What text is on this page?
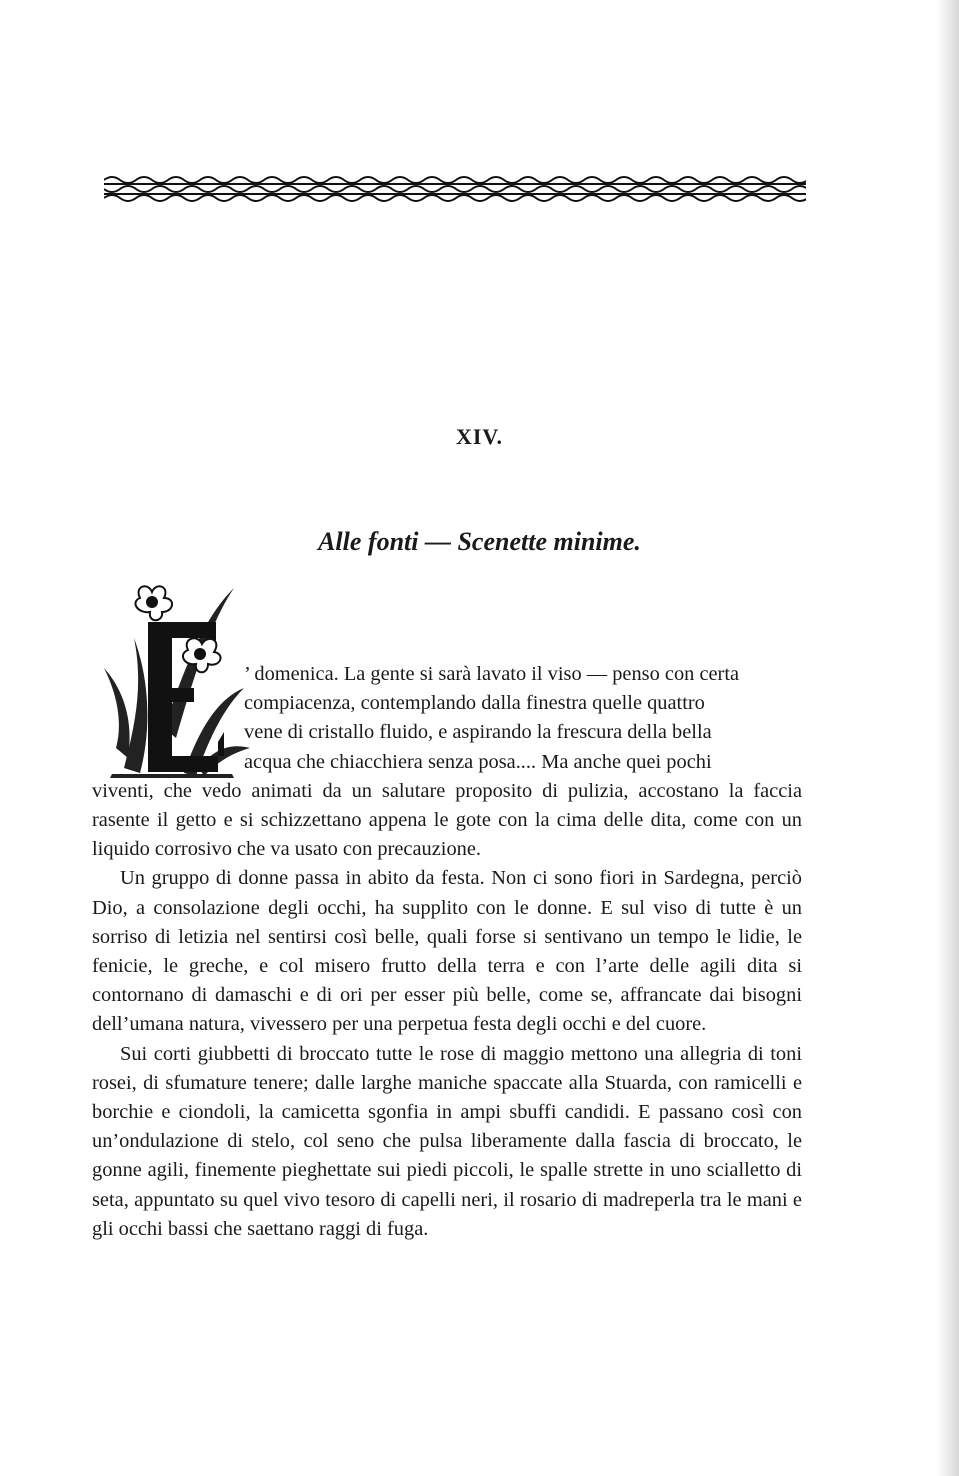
XIV.
Alle fonti — Scenette minime.

’ domenica. La gente si sarà lavato il viso — penso con certa
compiacenza, contemplando dalla finestra quelle quattro
vene di cristallo fluido, e aspirando la frescura della bella
acqua che chiacchiera senza posa.... Ma anche quei pochi
viventi, che vedo animati da un salutare proposito di pulizia, accostano la faccia rasente il getto e si schizzettano appena le gote con la cima delle dita, come con un liquido corrosivo che va usato con precauzione.

Un gruppo di donne passa in abito da festa. Non ci sono fiori in Sardegna, perciò Dio, a consolazione degli occhi, ha supplito con le donne. E sul viso di tutte è un sorriso di letizia nel sentirsi così belle, quali forse si sentivano un tempo le lidie, le fenicie, le greche, e col misero frutto della terra e con l’arte delle agili dita si contornano di damaschi e di ori per esser più belle, come se, affrancate dai bisogni dell’umana natura, vivessero per una perpetua festa degli occhi e del cuore.

Sui corti giubbetti di broccato tutte le rose di maggio mettono una allegria di toni rosei, di sfumature tenere; dalle larghe maniche spaccate alla Stuarda, con ramicelli e borchie e ciondoli, la camicetta sgonfia in ampi sbuffi candidi. E passano così con un’ondulazione di stelo, col seno che pulsa liberamente dalla fascia di broccato, le gonne agili, finemente pieghettate sui piedi piccoli, le spalle strette in uno scialletto di seta, appuntato su quel vivo tesoro di capelli neri, il rosario di madreperla tra le mani e gli occhi bassi che saettano raggi di fuga.
